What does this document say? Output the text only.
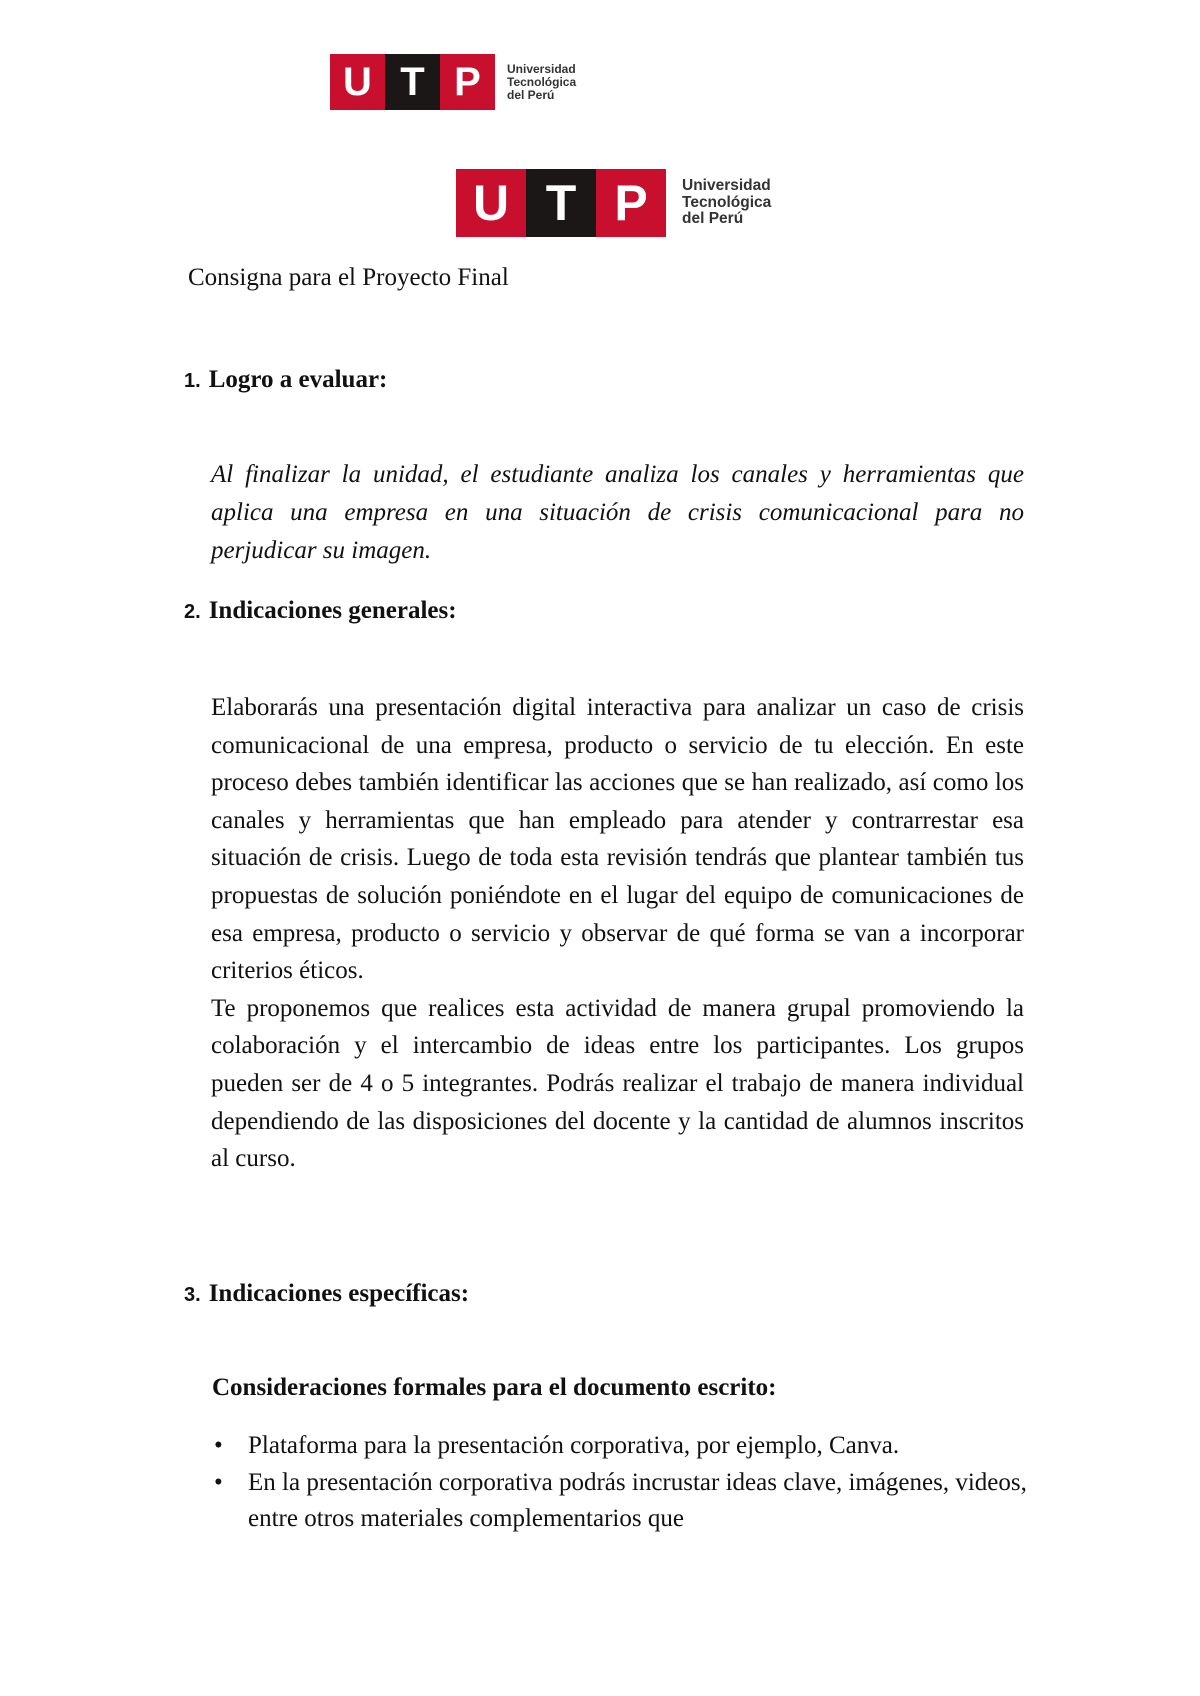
U T P	Universidad
Tecnológica
del Perú
U T P	Universidad
Tecnológica
del Perú
Consigna para el Proyecto Final
1. Logro a evaluar:

Al finalizar la unidad, el estudiante analiza los canales y herramientas que aplica una empresa en una situación de crisis comunicacional para no perjudicar su imagen.

2. Indicaciones generales:

Elaborarás una presentación digital interactiva para analizar un caso de crisis comunicacional de una empresa, producto o servicio de tu elección. En este proceso debes también identificar las acciones que se han realizado, así como los canales y herramientas que han empleado para atender y contrarrestar esa situación de crisis. Luego de toda esta revisión tendrás que plantear también tus propuestas de solución poniéndote en el lugar del equipo de comunicaciones de esa empresa, producto o servicio y observar de qué forma se van a incorporar criterios éticos.

Te proponemos que realices esta actividad de manera grupal promoviendo la colaboración y el intercambio de ideas entre los participantes. Los grupos pueden ser de 4 o 5 integrantes. Podrás realizar el trabajo de manera individual dependiendo de las disposiciones del docente y la cantidad de alumnos inscritos al curso.

3. Indicaciones específicas:
Consideraciones formales para el documento escrito:
• Plataforma para la presentación corporativa, por ejemplo, Canva.
• En la presentación corporativa podrás incrustar ideas clave, imágenes, videos, entre otros materiales complementarios que
